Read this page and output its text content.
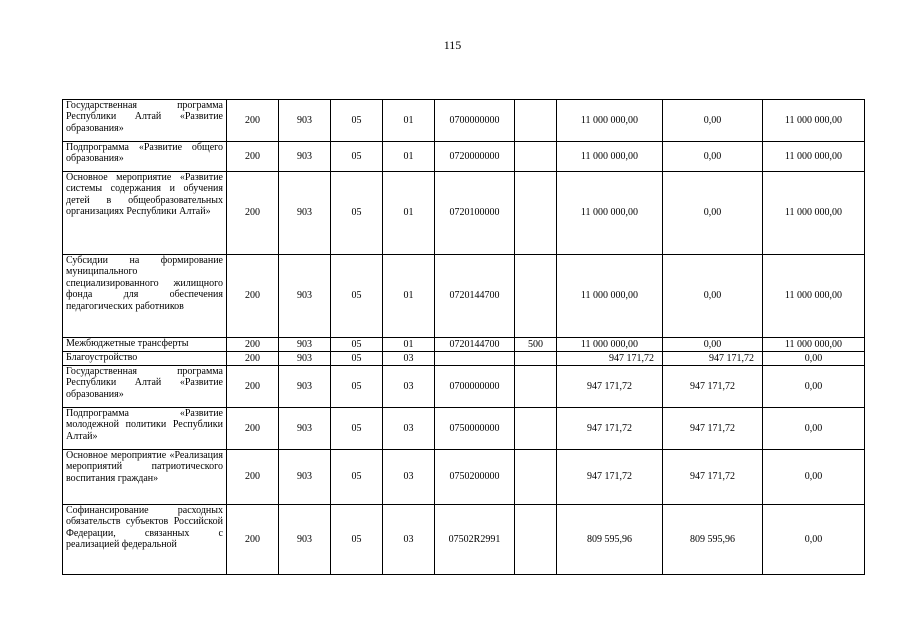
115
Государственная программа Республики Алтай «Развитие образования»	200	903	05	01	0700000000		11 000 000,00	0,00	11 000 000,00
Подпрограмма «Развитие общего образования»	200	903	05	01	0720000000		11 000 000,00	0,00	11 000 000,00
Основное мероприятие «Развитие системы содержания и обучения детей в общеобразовательных организациях Республики Алтай»	200	903	05	01	0720100000		11 000 000,00	0,00	11 000 000,00
Субсидии на формирование муниципального специализированного жилищного фонда для обеспечения педагогических работников	200	903	05	01	0720144700		11 000 000,00	0,00	11 000 000,00
Межбюджетные трансферты	200	903	05	01	0720144700	500	11 000 000,00	0,00	11 000 000,00
Благоустройство	200	903	05	03			947 171,72	947 171,72	0,00
Государственная программа Республики Алтай «Развитие образования»	200	903	05	03	0700000000		947 171,72	947 171,72	0,00
Подпрограмма «Развитие молодежной политики Республики Алтай»	200	903	05	03	0750000000		947 171,72	947 171,72	0,00
Основное мероприятие «Реализация мероприятий патриотического воспитания граждан»	200	903	05	03	0750200000		947 171,72	947 171,72	0,00
Софинансирование расходных обязательств субъектов Российской Федерации, связанных с реализацией федеральной	200	903	05	03	07502R2991		809 595,96	809 595,96	0,00
